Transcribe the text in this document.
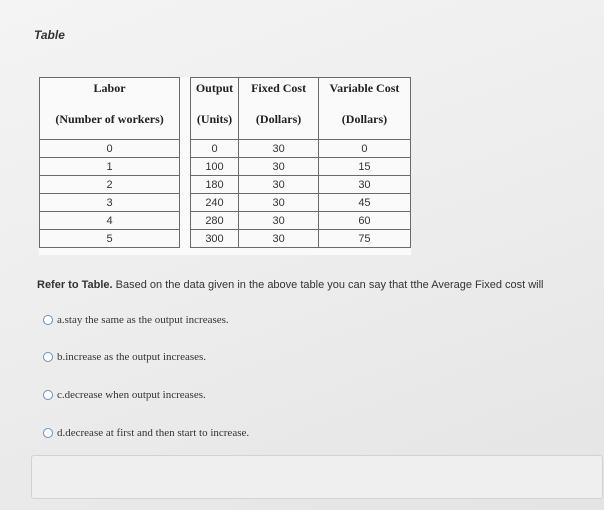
Table
Labor		Output	Fixed Cost	Variable Cost
(Number of workers)		(Units)	(Dollars)	(Dollars)
0		0	30	0
1		100	30	15
2		180	30	30
3		240	30	45
4		280	30	60
5		300	30	75
Refer to Table. Based on the data given in the above table you can say that tthe Average Fixed cost will
a. stay the same as the output increases.
b. increase as the output increases.
c. decrease when output increases.
d. decrease at first and then start to increase.
